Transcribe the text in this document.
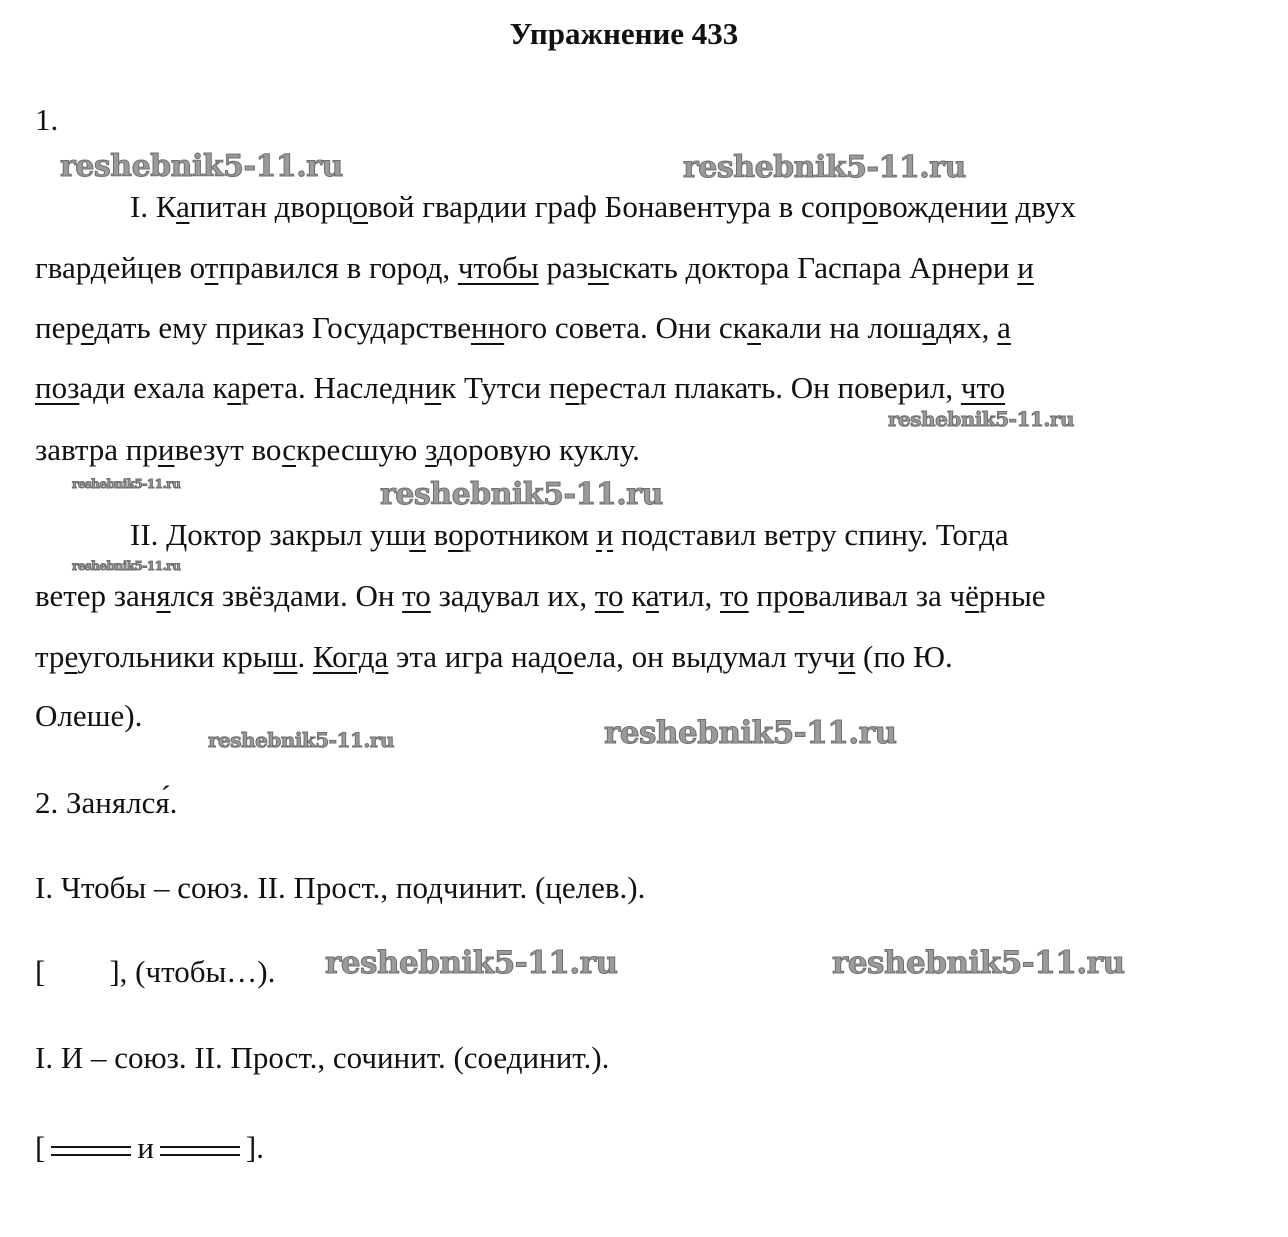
Упражнение 433
1.
I. Капитан дворцовой гвардии граф Бонавентура в сопровождении двух
гвардейцев отправился в город, чтобы разыскать доктора Гаспара Арнери и
передать ему приказ Государственного совета. Они скакали на лошадях, а
позади ехала карета. Наследник Тутси перестал плакать. Он поверил, что
завтра привезут воскресшую здоровую куклу.
II. Доктор закрыл уши воротником и подставил ветру спину. Тогда
ветер занялся звёздами. Он то задувал их, то катил, то проваливал за чёрные
треугольники крыш. Когда эта игра надоела, он выдумал тучи (по Ю.
Олеше).
2. Занялся́.
I. Чтобы – союз. II. Прост., подчинит. (целев.).
[ ], (чтобы…).
I. И – союз. II. Прост., сочинит. (соединит.).
[	и	].
reshebnik5-11.ru	reshebnik5-11.ru
reshebnik5-11.ru
reshebnik5-11.ru	reshebnik5-11.ru
reshebnik5-11.ru
reshebnik5-11.ru	reshebnik5-11.ru
reshebnik5-11.ru	reshebnik5-11.ru
